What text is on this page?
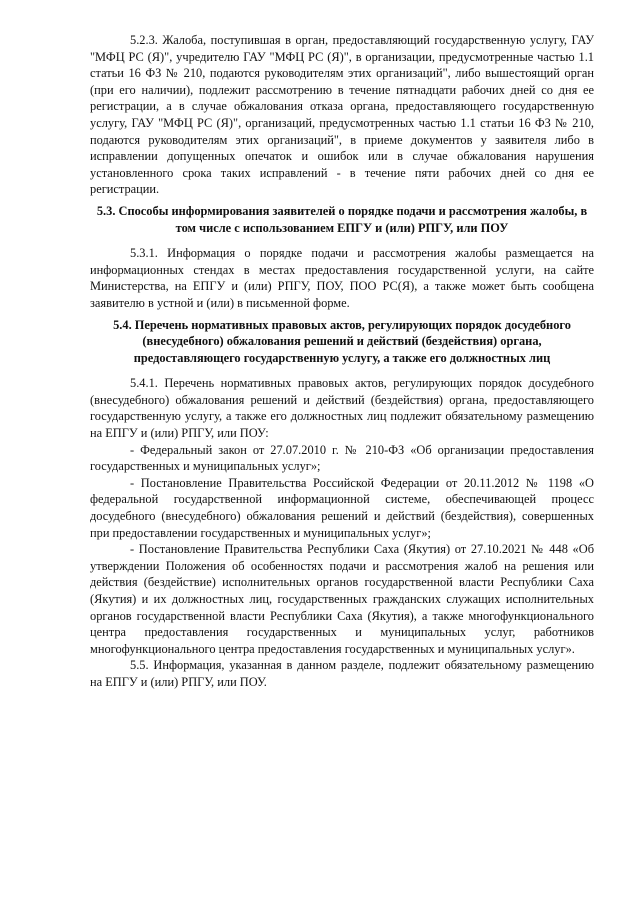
5.2.3. Жалоба, поступившая в орган, предоставляющий государственную услугу, ГАУ "МФЦ РС (Я)", учредителю ГАУ "МФЦ РС (Я)", в организации, предусмотренные частью 1.1 статьи 16 ФЗ № 210, подаются руководителям этих организаций", либо вышестоящий орган (при его наличии), подлежит рассмотрению в течение пятнадцати рабочих дней со дня ее регистрации, а в случае обжалования отказа органа, предоставляющего государственную услугу, ГАУ "МФЦ РС (Я)", организаций, предусмотренных частью 1.1 статьи 16 ФЗ № 210, подаются руководителям этих организаций", в приеме документов у заявителя либо в исправлении допущенных опечаток и ошибок или в случае обжалования нарушения установленного срока таких исправлений - в течение пяти рабочих дней со дня ее регистрации.

5.3. Способы информирования заявителей о порядке подачи и рассмотрения жалобы, в том числе с использованием ЕПГУ и (или) РПГУ, или ПОУ

5.3.1. Информация о порядке подачи и рассмотрения жалобы размещается на информационных стендах в местах предоставления государственной услуги, на сайте Министерства, на ЕПГУ и (или) РПГУ, ПОУ, ПОО РС(Я), а также может быть сообщена заявителю в устной и (или) в письменной форме.

5.4. Перечень нормативных правовых актов, регулирующих порядок досудебного (внесудебного) обжалования решений и действий (бездействия) органа, предоставляющего государственную услугу, а также его должностных лиц

5.4.1. Перечень нормативных правовых актов, регулирующих порядок досудебного (внесудебного) обжалования решений и действий (бездействия) органа, предоставляющего государственную услугу, а также его должностных лиц подлежит обязательному размещению на ЕПГУ и (или) РПГУ, или ПОУ:

- Федеральный закон от 27.07.2010 г. № 210-ФЗ «Об организации предоставления государственных и муниципальных услуг»;

- Постановление Правительства Российской Федерации от 20.11.2012 № 1198 «О федеральной государственной информационной системе, обеспечивающей процесс досудебного (внесудебного) обжалования решений и действий (бездействия), совершенных при предоставлении государственных и муниципальных услуг»;

- Постановление Правительства Республики Саха (Якутия) от 27.10.2021 № 448 «Об утверждении Положения об особенностях подачи и рассмотрения жалоб на решения или действия (бездействие) исполнительных органов государственной власти Республики Саха (Якутия) и их должностных лиц, государственных гражданских служащих исполнительных органов государственной власти Республики Саха (Якутия), а также многофункционального центра предоставления государственных и муниципальных услуг, работников многофункционального центра предоставления государственных и муниципальных услуг».

5.5. Информация, указанная в данном разделе, подлежит обязательному размещению на ЕПГУ и (или) РПГУ, или ПОУ.
